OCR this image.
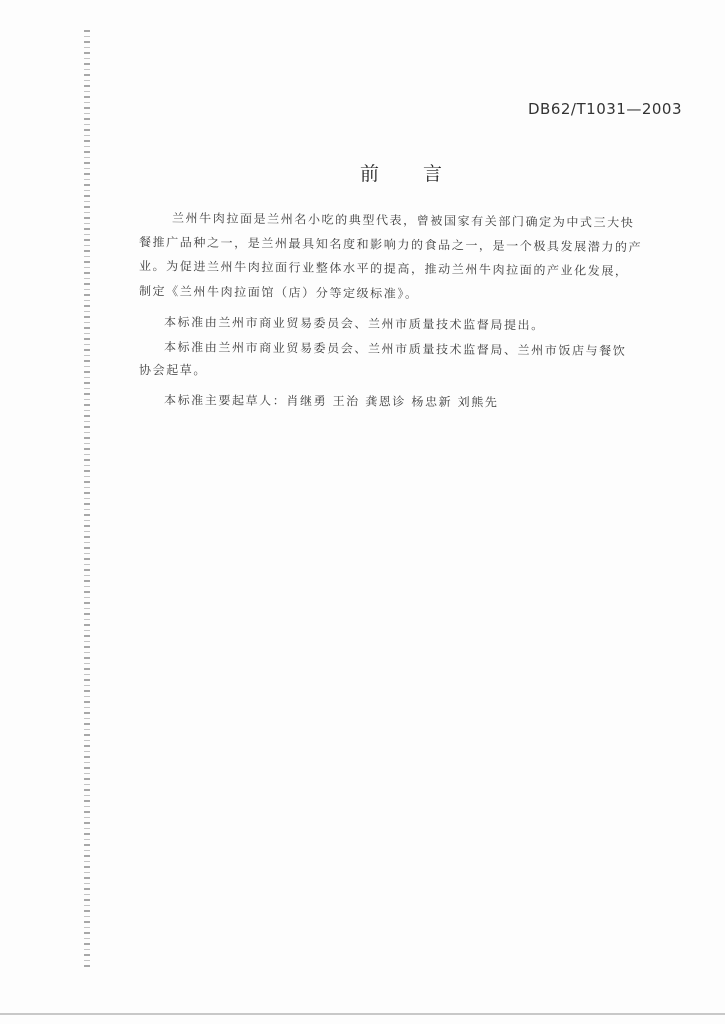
DB62/T1031—2003
前言
兰州牛肉拉面是兰州名小吃的典型代表，曾被国家有关部门确定为中式三大快
餐推广品种之一，是兰州最具知名度和影响力的食品之一，是一个极具发展潜力的产
业。为促进兰州牛肉拉面行业整体水平的提高，推动兰州牛肉拉面的产业化发展，
制定《兰州牛肉拉面馆（店）分等定级标准》。
本标准由兰州市商业贸易委员会、兰州市质量技术监督局提出。
本标准由兰州市商业贸易委员会、兰州市质量技术监督局、兰州市饭店与餐饮
协会起草。
本标准主要起草人：肖继勇 王治 龚恩诊 杨忠新 刘熊先
